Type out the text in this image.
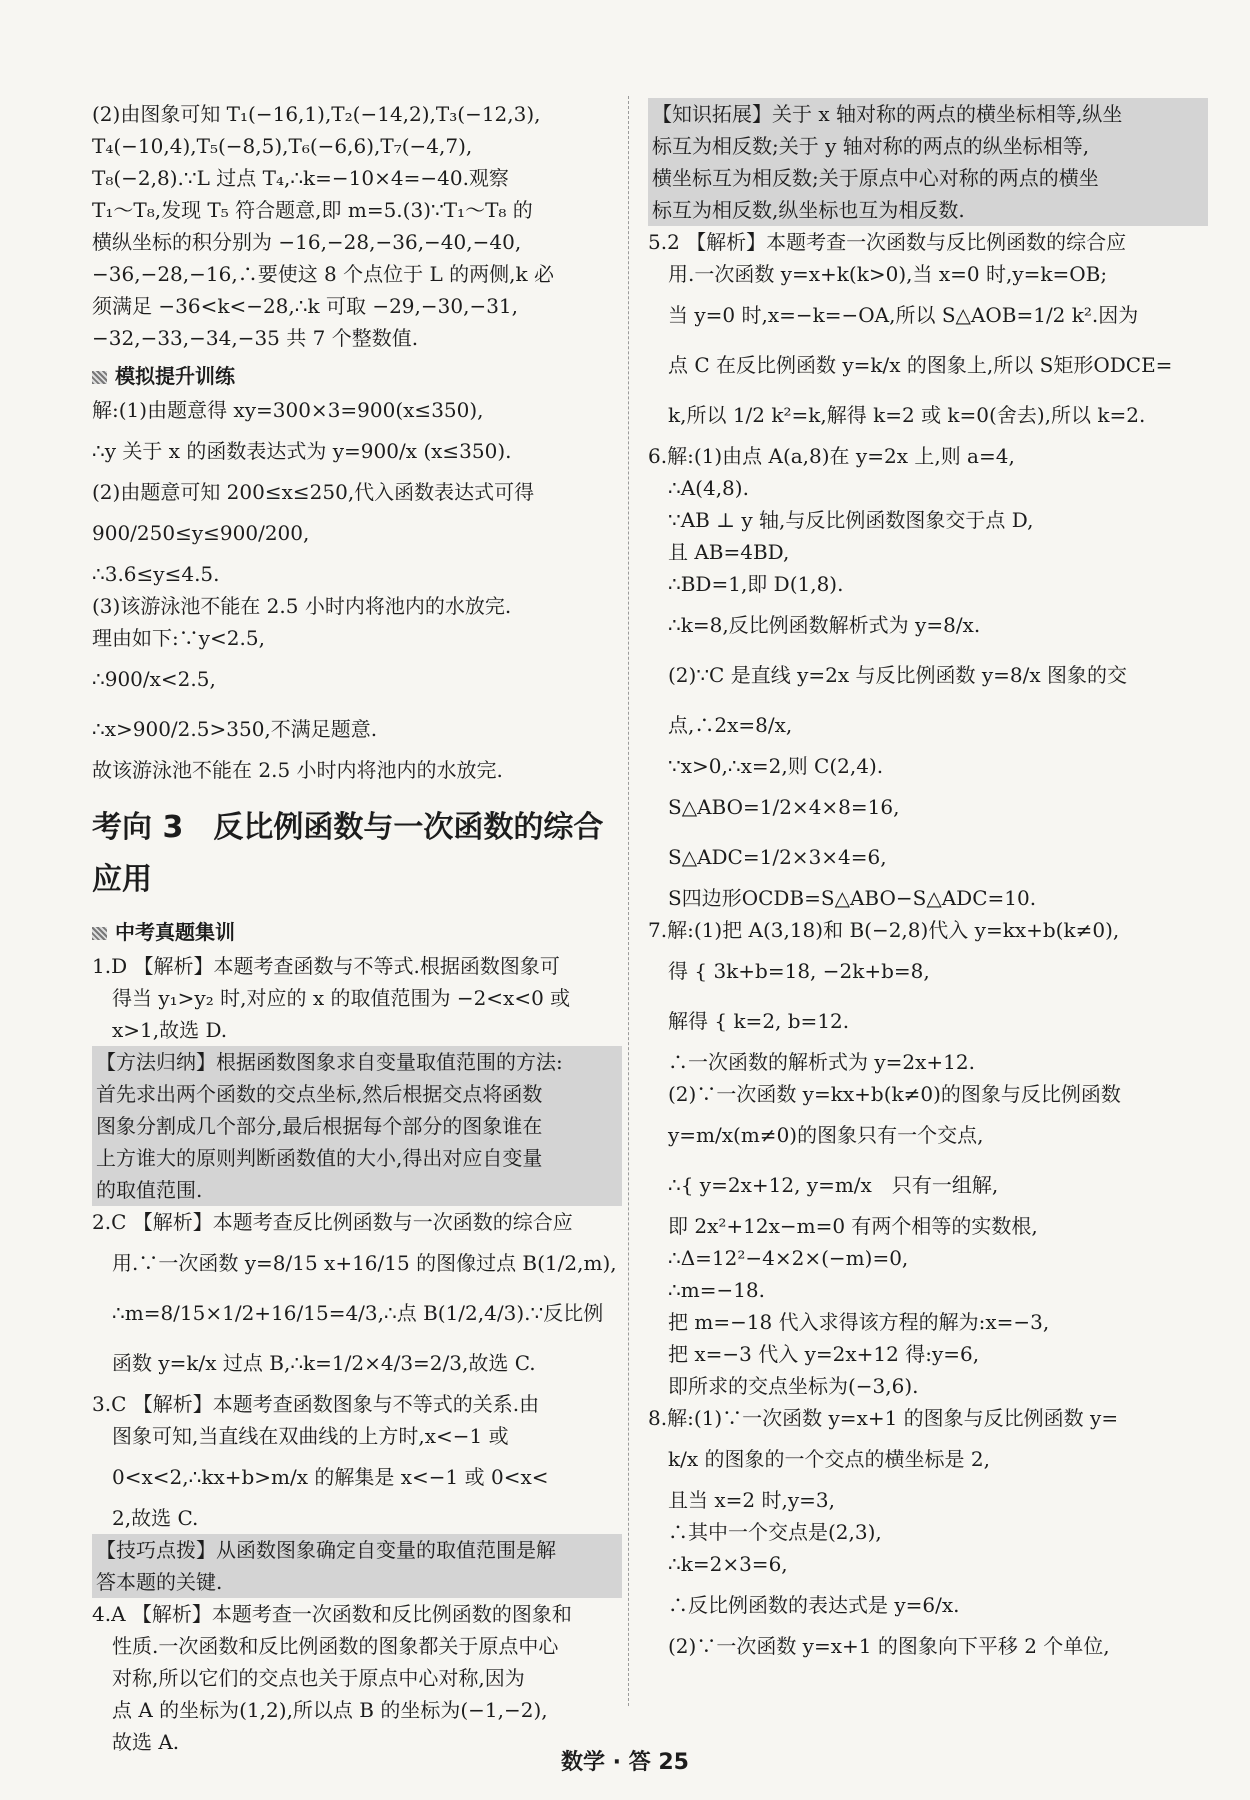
(2)由图象可知 T₁(−16,1),T₂(−14,2),T₃(−12,3),
T₄(−10,4),T₅(−8,5),T₆(−6,6),T₇(−4,7),
T₈(−2,8).∵L 过点 T₄,∴k=−10×4=−40.观察
T₁～T₈,发现 T₅ 符合题意,即 m=5.(3)∵T₁～T₈ 的
横纵坐标的积分别为 −16,−28,−36,−40,−40,
−36,−28,−16,∴要使这 8 个点位于 L 的两侧,k 必
须满足 −36<k<−28,∴k 可取 −29,−30,−31,
−32,−33,−34,−35 共 7 个整数值.
模拟提升训练
解:(1)由题意得 xy=300×3=900(x≤350),
∴y 关于 x 的函数表达式为 y=900/x (x≤350).
(2)由题意可知 200≤x≤250,代入函数表达式可得
900/250≤y≤900/200,
∴3.6≤y≤4.5.
(3)该游泳池不能在 2.5 小时内将池内的水放完.
理由如下:∵y<2.5,
∴900/x<2.5,
∴x>900/2.5>350,不满足题意.
故该游泳池不能在 2.5 小时内将池内的水放完.
考向 3　反比例函数与一次函数的综合应用
中考真题集训
1.D 【解析】本题考查函数与不等式.根据函数图象可
得当 y₁>y₂ 时,对应的 x 的取值范围为 −2<x<0 或
x>1,故选 D.
【方法归纳】根据函数图象求自变量取值范围的方法:
首先求出两个函数的交点坐标,然后根据交点将函数
图象分割成几个部分,最后根据每个部分的图象谁在
上方谁大的原则判断函数值的大小,得出对应自变量
的取值范围.
2.C 【解析】本题考查反比例函数与一次函数的综合应
用.∵一次函数 y=8/15 x+16/15 的图像过点 B(1/2,m),
∴m=8/15×1/2+16/15=4/3,∴点 B(1/2,4/3).∵反比例
函数 y=k/x 过点 B,∴k=1/2×4/3=2/3,故选 C.
3.C 【解析】本题考查函数图象与不等式的关系.由
图象可知,当直线在双曲线的上方时,x<−1 或
0<x<2,∴kx+b>m/x 的解集是 x<−1 或 0<x<
2,故选 C.
【技巧点拨】从函数图象确定自变量的取值范围是解
答本题的关键.
4.A 【解析】本题考查一次函数和反比例函数的图象和
性质.一次函数和反比例函数的图象都关于原点中心
对称,所以它们的交点也关于原点中心对称,因为
点 A 的坐标为(1,2),所以点 B 的坐标为(−1,−2),
故选 A.
【知识拓展】关于 x 轴对称的两点的横坐标相等,纵坐
标互为相反数;关于 y 轴对称的两点的纵坐标相等,
横坐标互为相反数;关于原点中心对称的两点的横坐
标互为相反数,纵坐标也互为相反数.
5.2 【解析】本题考查一次函数与反比例函数的综合应
用.一次函数 y=x+k(k>0),当 x=0 时,y=k=OB;
当 y=0 时,x=−k=−OA,所以 S△AOB=1/2 k².因为
点 C 在反比例函数 y=k/x 的图象上,所以 S矩形ODCE=
k,所以 1/2 k²=k,解得 k=2 或 k=0(舍去),所以 k=2.
6.解:(1)由点 A(a,8)在 y=2x 上,则 a=4,
∴A(4,8).
∵AB ⊥ y 轴,与反比例函数图象交于点 D,
且 AB=4BD,
∴BD=1,即 D(1,8).
∴k=8,反比例函数解析式为 y=8/x.
(2)∵C 是直线 y=2x 与反比例函数 y=8/x 图象的交
点,∴2x=8/x,
∵x>0,∴x=2,则 C(2,4).
S△ABO=1/2×4×8=16,
S△ADC=1/2×3×4=6,
S四边形OCDB=S△ABO−S△ADC=10.
7.解:(1)把 A(3,18)和 B(−2,8)代入 y=kx+b(k≠0),
得 { 3k+b=18, −2k+b=8,
解得 { k=2, b=12.
∴一次函数的解析式为 y=2x+12.
(2)∵一次函数 y=kx+b(k≠0)的图象与反比例函数
y=m/x(m≠0)的图象只有一个交点,
∴{ y=2x+12, y=m/x　只有一组解,
即 2x²+12x−m=0 有两个相等的实数根,
∴Δ=12²−4×2×(−m)=0,
∴m=−18.
把 m=−18 代入求得该方程的解为:x=−3,
把 x=−3 代入 y=2x+12 得:y=6,
即所求的交点坐标为(−3,6).
8.解:(1)∵一次函数 y=x+1 的图象与反比例函数 y=
k/x 的图象的一个交点的横坐标是 2,
且当 x=2 时,y=3,
∴其中一个交点是(2,3),
∴k=2×3=6,
∴反比例函数的表达式是 y=6/x.
(2)∵一次函数 y=x+1 的图象向下平移 2 个单位,
数学 · 答 25
